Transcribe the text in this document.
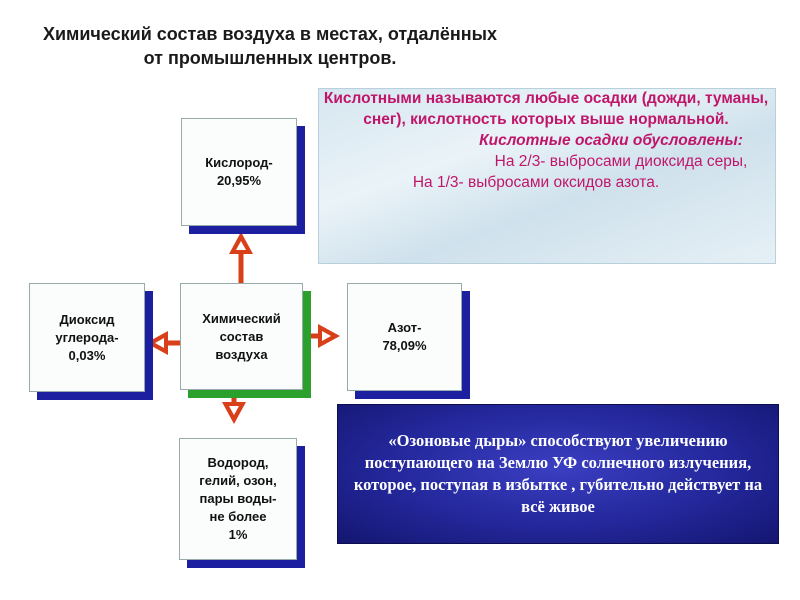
Химический состав воздуха в местах, отдалённых от промышленных центров.
Кислотными называются любые осадки (дожди, туманы, снег), кислотность которых выше нормальной.
Кислотные осадки обусловлены:
На 2/3- выбросами диоксида серы,
На 1/3- выбросами оксидов азота.
Кислород-
20,95%
Химический
состав
воздуха
Диоксид
углерода-
0,03%
Азот-
78,09%
Водород,
гелий, озон,
пары воды-
не более
1%
«Озоновые дыры» способствуют увеличению поступающего на Землю УФ солнечного излучения, которое, поступая в избытке , губительно действует на всё живое
